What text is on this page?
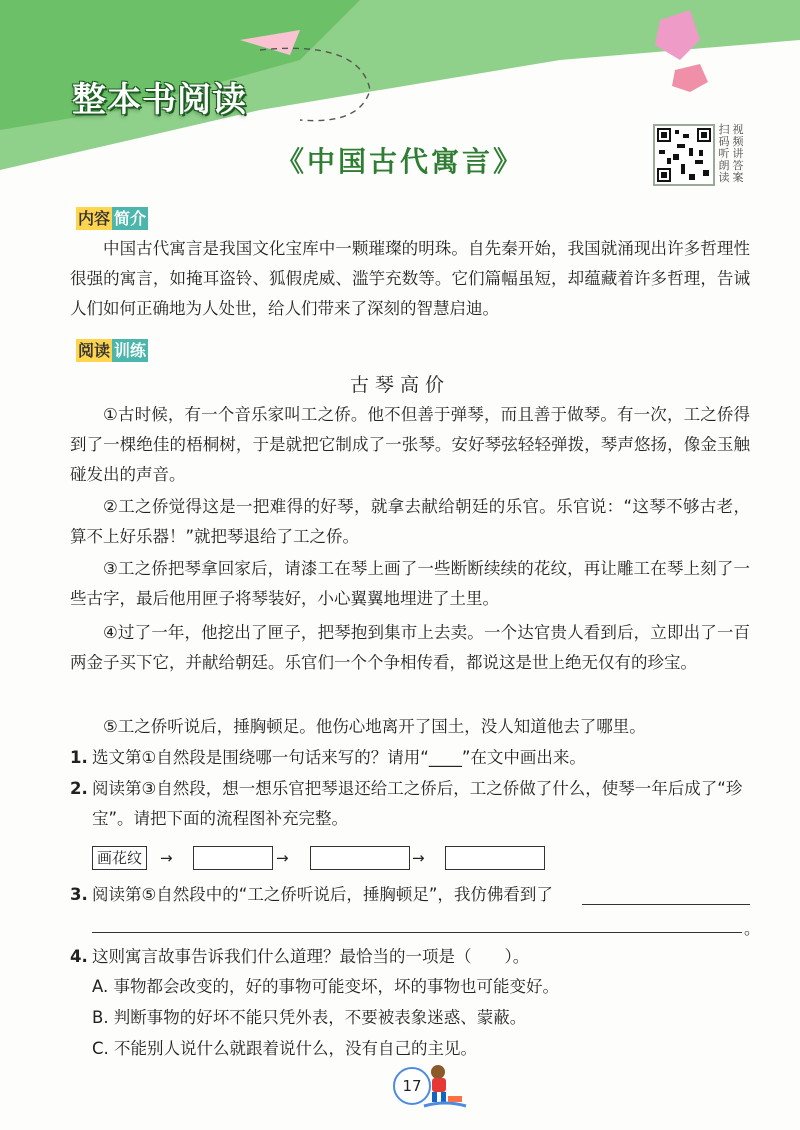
整本书阅读
《中国古代寓言》
扫码听朗读
视频讲答案
内容 简介
中国古代寓言是我国文化宝库中一颗璀璨的明珠。自先秦开始，我国就涌现出许多哲理性很强的寓言，如掩耳盗铃、狐假虎威、滥竽充数等。它们篇幅虽短，却蕴藏着许多哲理，告诫人们如何正确地为人处世，给人们带来了深刻的智慧启迪。
阅读 训练
古琴高价
①古时候，有一个音乐家叫工之侨。他不但善于弹琴，而且善于做琴。有一次，工之侨得到了一棵绝佳的梧桐树，于是就把它制成了一张琴。安好琴弦轻轻弹拨，琴声悠扬，像金玉触碰发出的声音。
②工之侨觉得这是一把难得的好琴，就拿去献给朝廷的乐官。乐官说：“这琴不够古老，算不上好乐器！”就把琴退给了工之侨。
③工之侨把琴拿回家后，请漆工在琴上画了一些断断续续的花纹，再让雕工在琴上刻了一些古字，最后他用匣子将琴装好，小心翼翼地埋进了土里。
④过了一年，他挖出了匣子，把琴抱到集市上去卖。一个达官贵人看到后，立即出了一百两金子买下它，并献给朝廷。乐官们一个个争相传看，都说这是世上绝无仅有的珍宝。
⑤工之侨听说后，捶胸顿足。他伤心地离开了国土，没人知道他去了哪里。
1. 选文第①自然段是围绕哪一句话来写的？请用“____”在文中画出来。
2. 阅读第③自然段，想一想乐官把琴退还给工之侨后，工之侨做了什么，使琴一年后成了“珍宝”。请把下面的流程图补充完整。
画花纹	→	→	→
3. 阅读第⑤自然段中的“工之侨听说后，捶胸顿足”，我仿佛看到了
。
4. 这则寓言故事告诉我们什么道理？最恰当的一项是（　　）。
A. 事物都会改变的，好的事物可能变坏，坏的事物也可能变好。
B. 判断事物的好坏不能只凭外表，不要被表象迷惑、蒙蔽。
C. 不能别人说什么就跟着说什么，没有自己的主见。
17
